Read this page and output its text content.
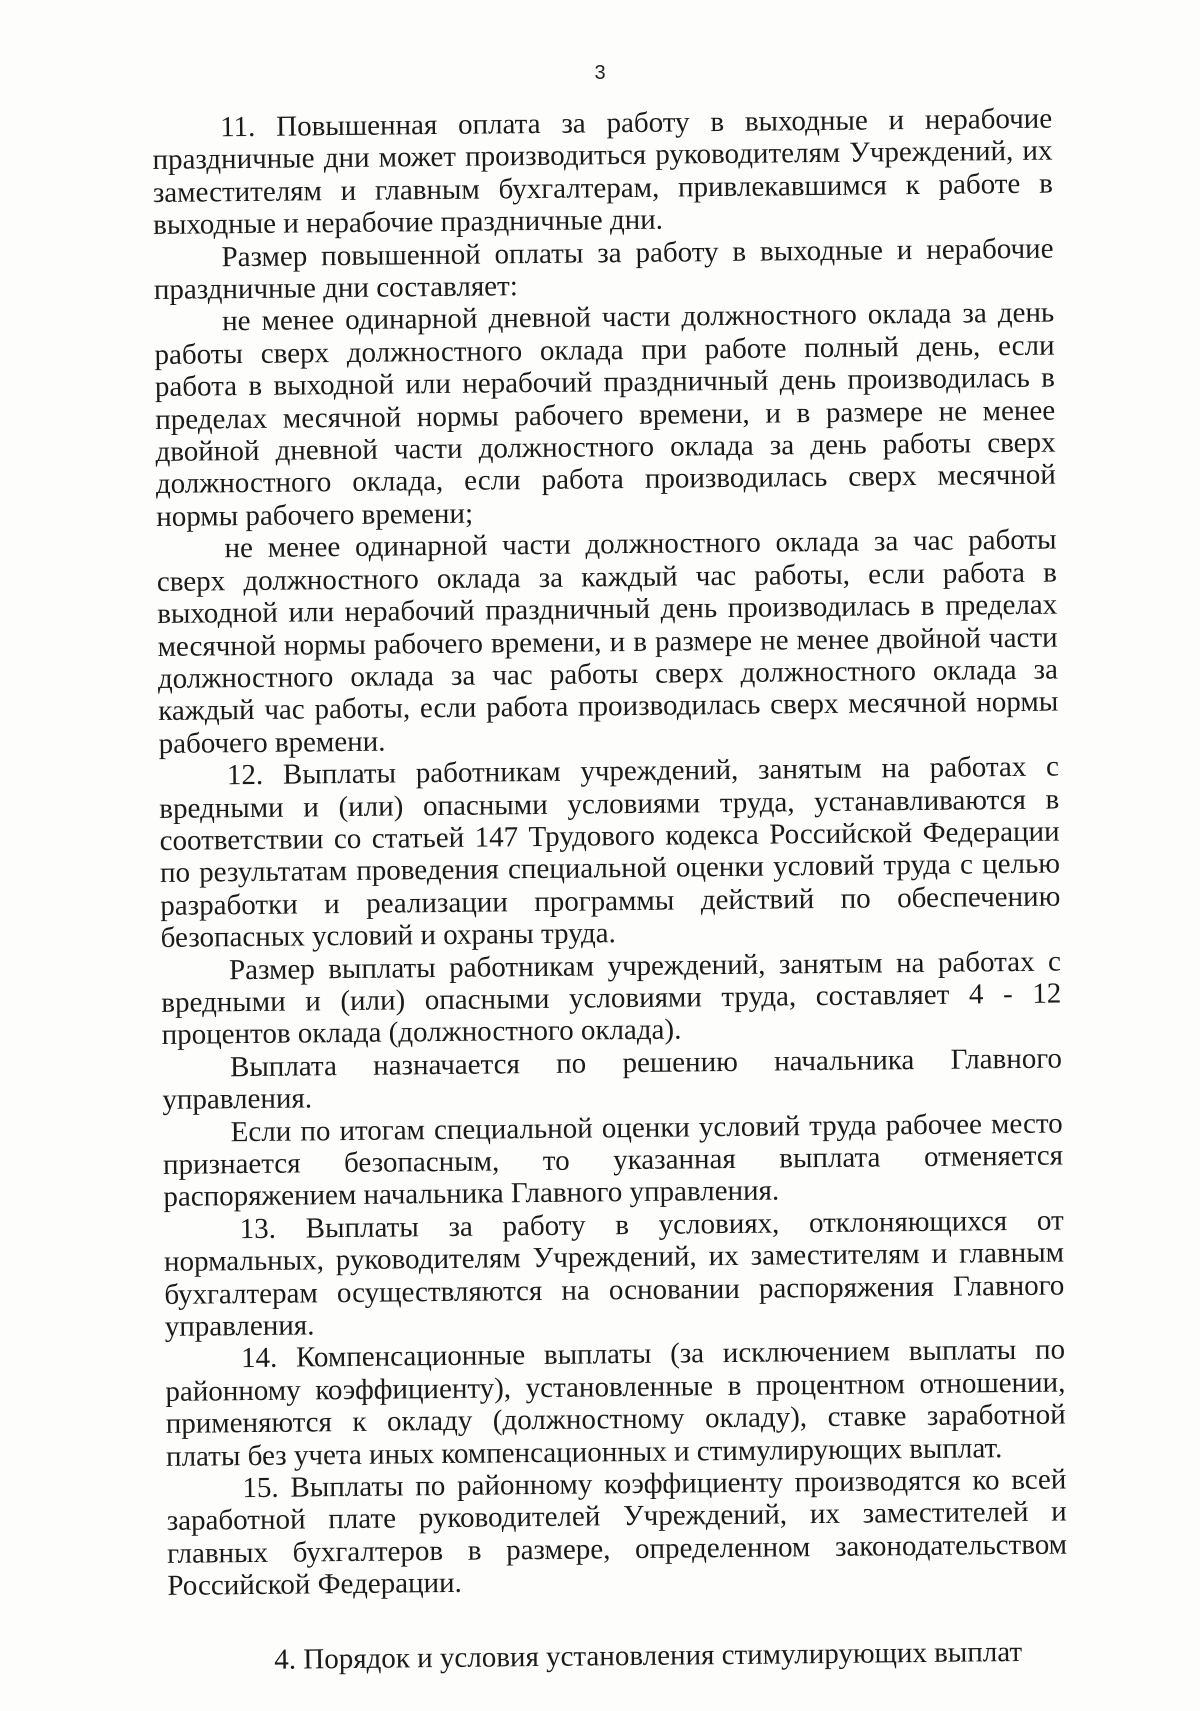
3

11. Повышенная оплата за работу в выходные и нерабочие праздничные дни может производиться руководителям Учреждений, их заместителям и главным бухгалтерам, привлекавшимся к работе в выходные и нерабочие праздничные дни.

Размер повышенной оплаты за работу в выходные и нерабочие праздничные дни составляет:

не менее одинарной дневной части должностного оклада за день работы сверх должностного оклада при работе полный день, если работа в выходной или нерабочий праздничный день производилась в пределах месячной нормы рабочего времени, и в размере не менее двойной дневной части должностного оклада за день работы сверх должностного оклада, если работа производилась сверх месячной нормы рабочего времени;

не менее одинарной части должностного оклада за час работы сверх должностного оклада за каждый час работы, если работа в выходной или нерабочий праздничный день производилась в пределах месячной нормы рабочего времени, и в размере не менее двойной части должностного оклада за час работы сверх должностного оклада за каждый час работы, если работа производилась сверх месячной нормы рабочего времени.

12. Выплаты работникам учреждений, занятым на работах с вредными и (или) опасными условиями труда, устанавливаются в соответствии со статьей 147 Трудового кодекса Российской Федерации по результатам проведения специальной оценки условий труда с целью разработки и реализации программы действий по обеспечению безопасных условий и охраны труда.

Размер выплаты работникам учреждений, занятым на работах с вредными и (или) опасными условиями труда, составляет 4 - 12 процентов оклада (должностного оклада).

Выплата назначается по решению начальника Главного управления.

Если по итогам специальной оценки условий труда рабочее место признается безопасным, то указанная выплата отменяется распоряжением начальника Главного управления.

13. Выплаты за работу в условиях, отклоняющихся от нормальных, руководителям Учреждений, их заместителям и главным бухгалтерам осуществляются на основании распоряжения Главного управления.

14. Компенсационные выплаты (за исключением выплаты по районному коэффициенту), установленные в процентном отношении, применяются к окладу (должностному окладу), ставке заработной платы без учета иных компенсационных и стимулирующих выплат.

15. Выплаты по районному коэффициенту производятся ко всей заработной плате руководителей Учреждений, их заместителей и главных бухгалтеров в размере, определенном законодательством Российской Федерации.

4. Порядок и условия установления стимулирующих выплат
